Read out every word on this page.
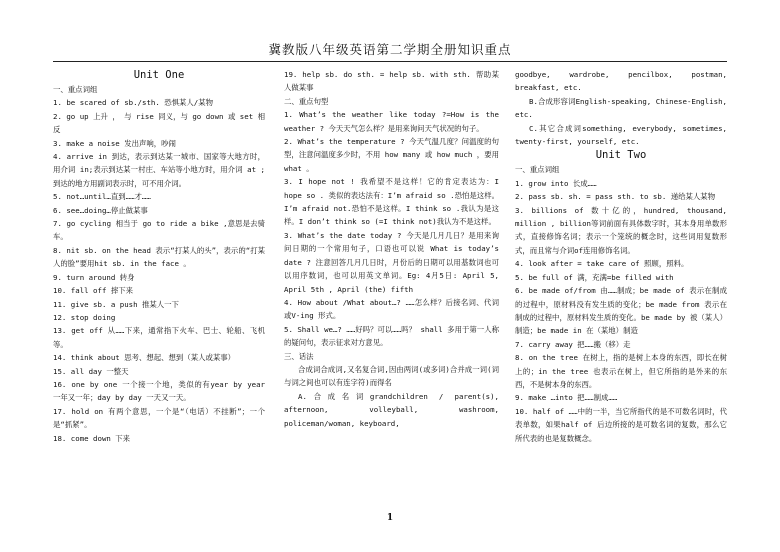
冀教版八年级英语第二学期全册知识重点
Unit One

一、重点词组

1. be scared of sb./sth. 恐惧某人/某物

2. go up 上升 ， 与 rise 同义，与 go down 或 set 相反

3. make a noise 发出声响，吵闹

4. arrive in 到达，表示到达某一城市、国家等大地方时，用介词 in;表示到达某一村庄、车站等小地方时，用介词 at ; 到达的地方用副词表示时，可不用介词。

5. not…until…直到……才……

6. see…doing…停止做某事

7. go cycling 相当于 go to ride a bike ,意思是去骑车。

8. nit sb. on the head 表示“打某人的头”，表示的“打某人的脸”要用hit sb. in the face 。

9. turn around 转身

10. fall off 摔下来

11. give sb. a push 推某人一下

12. stop doing

13. get off 从……下来，通常指下火车、巴士、轮船、飞机等。

14. think about 思考、想起、想到（某人或某事）

15. all day 一整天

16. one by one 一个接一个地，类似的有year by year 一年又一年；day by day 一天又一天。

17. hold on 有两个意思，一个是“（电话）不挂断”；一个是“抓紧”。

18. come down 下来

19. help sb. do sth. = help sb. with sth. 帮助某人做某事

二、重点句型

1. What’s the weather like today ?=How is the weather ? 今天天气怎么样？是用来询问天气状况的句子。

2. What’s the temperature ? 今天气温几度？问温度的句型，注意问温度多少时，不用 how many 或 how much ，要用 what 。

3. I hope not ! 我希望不是这样！它的肯定表达为：I hope so . 类似的表达法有：I’m afraid so .恐怕是这样。I’m afraid not.恐怕不是这样。I think so .我认为是这样。I don’t think so (=I think not)我认为不是这样。

3. What’s the date today ? 今天是几月几日？是用来询问日期的一个常用句子，口语也可以说 What is today’s date ? 注意回答几月几日时，月份后的日期可以用基数词也可以用序数词，也可以用英文单词。Eg: 4月5日: April 5, April 5th , April (the) fifth

4. How about /What about…? ……怎么样？后接名词、代词或V-ing 形式。

5. Shall we…? ……好吗？可以……吗？ shall 多用于第一人称的疑问句，表示征求对方意见。

三、话法

合成词合成词,又名复合词,因由两词(或多词)合并成一词(词与词之间也可以有连字符)而得名

A.合成名词grandchildren / parent(s), afternoon, volleyball, washroom, policeman/woman, keyboard,

goodbye, wardrobe, pencilbox, postman, breakfast, etc.

B.合成形容词English-speaking, Chinese-English, etc.

C.其它合成词something, everybody, sometimes, twenty-first, yourself, etc.

Unit Two

一、重点词组

1. grow into 长成……

2. pass sb. sh. = pass sth. to sb. 递给某人某物

3. billions of 数十亿的，hundred, thousand, million , billion等词前面有具体数字时，其本身用单数形式，直接修饰名词；表示一个笼统的概念时，这些词用复数形式，而且常与介词of连用修饰名词。

4. look after = take care of 照顾，照料。

5. be full of 满，充满=be filled with

6. be made of/from 由……制成；be made of 表示在制成的过程中，原材料没有发生质的变化；be made from 表示在制成的过程中，原材料发生质的变化。be made by 被（某人）制造；be made in 在（某地）制造

7. carry away 把……搬（移）走

8. on the tree 在树上，指的是树上本身的东西，即长在树上的；in the tree 也表示在树上，但它所指的是外来的东西，不是树本身的东西。

9. make …into 把……制成……

10. half of ……中的一半，当它所指代的是不可数名词时，代表单数，如果half of 后边所接的是可数名词的复数，那么它所代表的也是复数概念。

1
